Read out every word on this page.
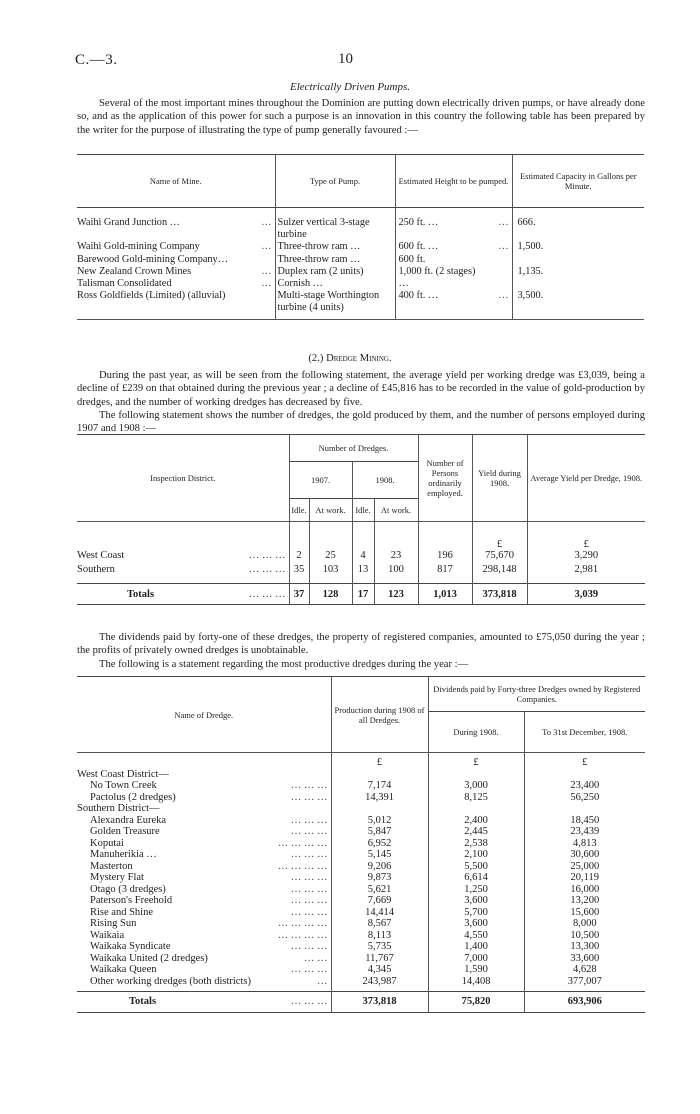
C.—3.	10
Electrically Driven Pumps.
Several of the most important mines throughout the Dominion are putting down electrically driven pumps, or have already done so, and as the application of this power for such a purpose is an innovation in this country the following table has been prepared by the writer for the purpose of illustrating the type of pump generally favoured :—
Name of Mine.	Type of Pump.	Estimated Height to be pumped.	Estimated Capacity in Gallons per Minute.

Waihi Grand Junction … …	Sulzer vertical 3-stage turbine	250 ft. … …	666.
Waihi Gold-mining Company …	Three-throw ram …	600 ft. … …	1,500.
Barewood Gold-mining Company…	Three-throw ram …	600 ft.	
New Zealand Crown Mines …	Duplex ram (2 units)	1,000 ft. (2 stages)	1,135.
Talisman Consolidated …	Cornish …	…	
Ross Goldfields (Limited) (alluvial)	Multi-stage Worthington turbine (4 units)	400 ft. … …	3,500.
(2.) Dredge Mining.
During the past year, as will be seen from the following statement, the average yield per working dredge was £3,039, being a decline of £239 on that obtained during the previous year ; a decline of £45,816 has to be recorded in the value of gold-production by dredges, and the number of working dredges has decreased by five.
The following statement shows the number of dredges, the gold produced by them, and the number of persons employed during 1907 and 1908 :—
Inspection District.	Number of Dredges.				Number of Persons ordinarily employed.	Yield during 1908.	Average Yield per Dredge, 1908.
	1907.		1908.				
	Idle.	At work.	Idle.	At work.			
						£	£
West Coast … … …	2	25	4	23	196	75,670	3,290
Southern … … …	35	103	13	100	817	298,148	2,981

Totals … … …	37	128	17	123	1,013	373,818	3,039
The dividends paid by forty-one of these dredges, the property of registered companies, amounted to £75,050 during the year ; the profits of privately owned dredges is unobtainable.
The following is a statement regarding the most productive dredges during the year :—
Name of Dredge.	Production during 1908 of all Dredges.	Dividends paid by Forty-three Dredges owned by Registered Companies.	
		During 1908.	To 31st December, 1908.
	£	£	£
West Coast District—			
No Town Creek … … …	7,174	3,000	23,400
Pactolus (2 dredges) … … …	14,391	8,125	56,250
Southern District—			
Alexandra Eureka … … …	5,012	2,400	18,450
Golden Treasure … … …	5,847	2,445	23,439
Koputai … … … …	6,952	2,538	4,813
Manuherikia … … … …	5,145	2,100	30,600
Masterton … … … …	9,206	5,500	25,000
Mystery Flat … … …	9,873	6,614	20,119
Otago (3 dredges) … … …	5,621	1,250	16,000
Paterson's Freehold … … …	7,669	3,600	13,200
Rise and Shine … … …	14,414	5,700	15,600
Rising Sun … … … …	8,567	3,600	8,000
Waikaia … … … …	8,113	4,550	10,500
Waikaka Syndicate … … …	5,735	1,400	13,300
Waikaka United (2 dredges) … …	11,767	7,000	33,600
Waikaka Queen … … …	4,345	1,590	4,628
Other working dredges (both districts) …	243,987	14,408	377,007

Totals … … …	373,818	75,820	693,906
